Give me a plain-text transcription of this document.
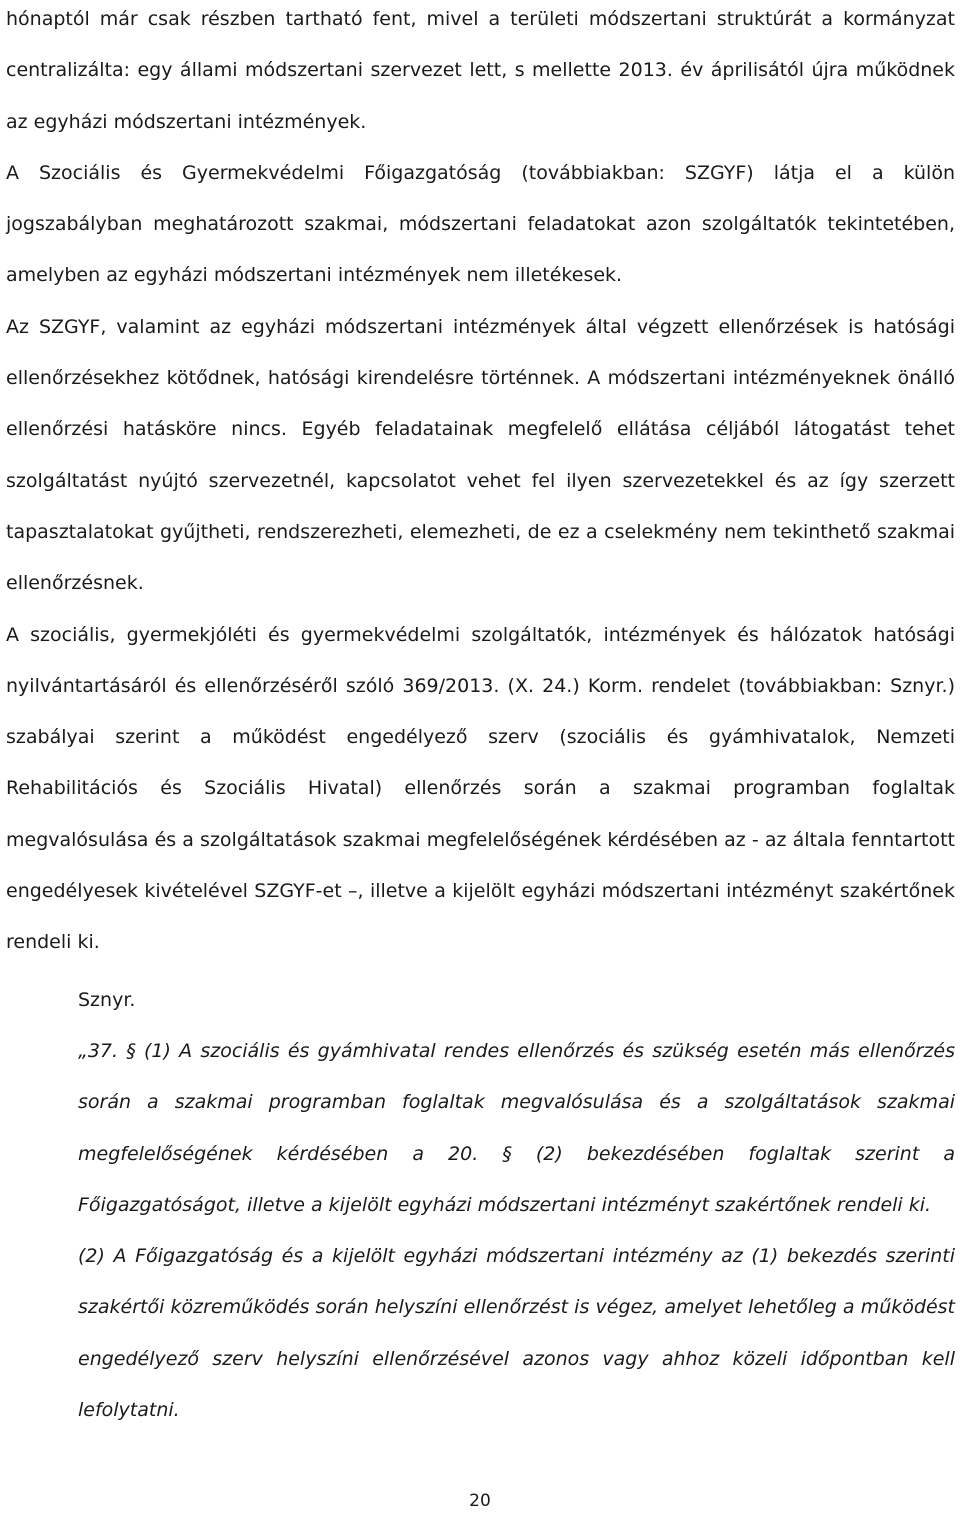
hónaptól már csak részben tartható fent, mivel a területi módszertani struktúrát a kormányzat centralizálta: egy állami módszertani szervezet lett, s mellette 2013. év áprilisától újra működnek az egyházi módszertani intézmények.

A Szociális és Gyermekvédelmi Főigazgatóság (továbbiakban: SZGYF) látja el a külön jogszabályban meghatározott szakmai, módszertani feladatokat azon szolgáltatók tekintetében, amelyben az egyházi módszertani intézmények nem illetékesek.

Az SZGYF, valamint az egyházi módszertani intézmények által végzett ellenőrzések is hatósági ellenőrzésekhez kötődnek, hatósági kirendelésre történnek. A módszertani intézményeknek önálló ellenőrzési hatásköre nincs. Egyéb feladatainak megfelelő ellátása céljából látogatást tehet szolgáltatást nyújtó szervezetnél, kapcsolatot vehet fel ilyen szervezetekkel és az így szerzett tapasztalatokat gyűjtheti, rendszerezheti, elemezheti, de ez a cselekmény nem tekinthető szakmai ellenőrzésnek.

A szociális, gyermekjóléti és gyermekvédelmi szolgáltatók, intézmények és hálózatok hatósági nyilvántartásáról és ellenőrzéséről szóló 369/2013. (X. 24.) Korm. rendelet (továbbiakban: Sznyr.) szabályai szerint a működést engedélyező szerv (szociális és gyámhivatalok, Nemzeti Rehabilitációs és Szociális Hivatal) ellenőrzés során a szakmai programban foglaltak megvalósulása és a szolgáltatások szakmai megfelelőségének kérdésében az - az általa fenntartott engedélyesek kivételével SZGYF-et –, illetve a kijelölt egyházi módszertani intézményt szakértőnek rendeli ki.

Sznyr.

„37. § (1) A szociális és gyámhivatal rendes ellenőrzés és szükség esetén más ellenőrzés során a szakmai programban foglaltak megvalósulása és a szolgáltatások szakmai megfelelőségének kérdésében a 20. § (2) bekezdésében foglaltak szerint a Főigazgatóságot, illetve a kijelölt egyházi módszertani intézményt szakértőnek rendeli ki.

(2) A Főigazgatóság és a kijelölt egyházi módszertani intézmény az (1) bekezdés szerinti szakértői közreműködés során helyszíni ellenőrzést is végez, amelyet lehetőleg a működést engedélyező szerv helyszíni ellenőrzésével azonos vagy ahhoz közeli időpontban kell lefolytatni.

20
